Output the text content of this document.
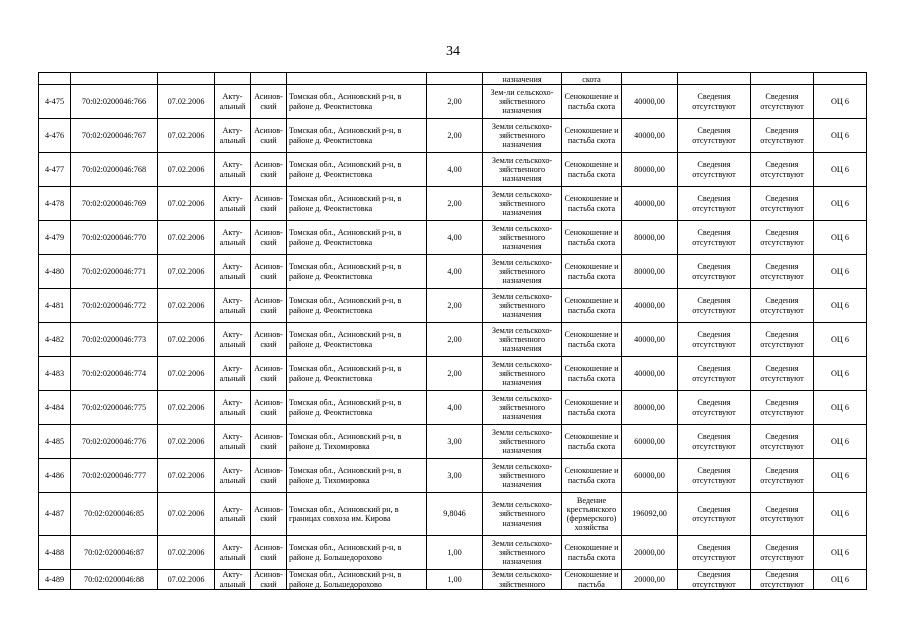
34
							назначения	скота				
4-475	70:02:0200046:766	07.02.2006	Акту-альный	Асинов-ский	Томская обл., Асиновский р-н, в районе д. Феоктистовка	2,00	Зем-ли сельскохо-зяйственного назначения	Сенокошение и пастьба скота	40000,00	Сведения отсутствуют	Сведения отсутствуют	ОЦ 6
4-476	70:02:0200046:767	07.02.2006	Акту-альный	Асинов-ский	Томская обл., Асиновский р-н, в районе д. Феоктистовка	2,00	Земли сельскохо-зяйственного назначения	Сенокошение и пастьба скота	40000,00	Сведения отсутствуют	Сведения отсутствуют	ОЦ 6
4-477	70:02:0200046:768	07.02.2006	Акту-альный	Асинов-ский	Томская обл., Асиновский р-н, в районе д. Феоктистовка	4,00	Земли сельскохо-зяйственного назначения	Сенокошение и пастьба скота	80000,00	Сведения отсутствуют	Сведения отсутствуют	ОЦ 6
4-478	70:02:0200046:769	07.02.2006	Акту-альный	Асинов-ский	Томская обл., Асиновский р-н, в районе д. Феоктистовка	2,00	Земли сельскохо-зяйственного назначения	Сенокошение и пастьба скота	40000,00	Сведения отсутствуют	Сведения отсутствуют	ОЦ 6
4-479	70:02:0200046:770	07.02.2006	Акту-альный	Асинов-ский	Томская обл., Асиновский р-н, в районе д. Феоктистовка	4,00	Земли сельскохо-зяйственного назначения	Сенокошение и пастьба скота	80000,00	Сведения отсутствуют	Сведения отсутствуют	ОЦ 6
4-480	70:02:0200046:771	07.02.2006	Акту-альный	Асинов-ский	Томская обл., Асиновский р-н, в районе д. Феоктистовка	4,00	Земли сельскохо-зяйственного назначения	Сенокошение и пастьба скота	80000,00	Сведения отсутствуют	Сведения отсутствуют	ОЦ 6
4-481	70:02:0200046:772	07.02.2006	Акту-альный	Асинов-ский	Томская обл., Асиновский р-н, в районе д. Феоктистовка	2,00	Земли сельскохо-зяйственного назначения	Сенокошение и пастьба скота	40000,00	Сведения отсутствуют	Сведения отсутствуют	ОЦ 6
4-482	70:02:0200046:773	07.02.2006	Акту-альный	Асинов-ский	Томская обл., Асиновский р-н, в районе д. Феоктистовка	2,00	Земли сельскохо-зяйственного назначения	Сенокошение и пастьба скота	40000,00	Сведения отсутствуют	Сведения отсутствуют	ОЦ 6
4-483	70:02:0200046:774	07.02.2006	Акту-альный	Асинов-ский	Томская обл., Асиновский р-н, в районе д. Феоктистовка	2,00	Земли сельскохо-зяйственного назначения	Сенокошение и пастьба скота	40000,00	Сведения отсутствуют	Сведения отсутствуют	ОЦ 6
4-484	70:02:0200046:775	07.02.2006	Акту-альный	Асинов-ский	Томская обл., Асиновский р-н, в районе д. Феоктистовка	4,00	Земли сельскохо-зяйственного назначения	Сенокошение и пастьба скота	80000,00	Сведения отсутствуют	Сведения отсутствуют	ОЦ 6
4-485	70:02:0200046:776	07.02.2006	Акту-альный	Асинов-ский	Томская обл., Асиновский р-н, в районе д. Тихомировка	3,00	Земли сельскохо-зяйственного назначения	Сенокошение и пастьба скота	60000,00	Сведения отсутствуют	Сведения отсутствуют	ОЦ 6
4-486	70:02:0200046:777	07.02.2006	Акту-альный	Асинов-ский	Томская обл., Асиновский р-н, в районе д. Тихомировка	3,00	Земли сельскохо-зяйственного назначения	Сенокошение и пастьба скота	60000,00	Сведения отсутствуют	Сведения отсутствуют	ОЦ 6
4-487	70:02:0200046:85	07.02.2006	Акту-альный	Асинов-ский	Томская обл., Асиновский рн, в границах совхоза им. Кирова	9,8046	Земли сельскохо-зяйственного назначения	Ведение крестьянского (фермерского) хозяйства	196092,00	Сведения отсутствуют	Сведения отсутствуют	ОЦ 6
4-488	70:02:0200046:87	07.02.2006	Акту-альный	Асинов-ский	Томская обл., Асиновский р-н, в районе д. Большедорохово	1,00	Земли сельскохо-зяйственного назначения	Сенокошение и пастьба скота	20000,00	Сведения отсутствуют	Сведения отсутствуют	ОЦ 6
4-489	70:02:0200046:88	07.02.2006	Акту-альный	Асинов-ский	Томская обл., Асиновский р-н, в районе д. Большедорохово	1,00	Земли сельскохо-зяйственного	Сенокошение и пастьба	20000,00	Сведения отсутствуют	Сведения отсутствуют	ОЦ 6
